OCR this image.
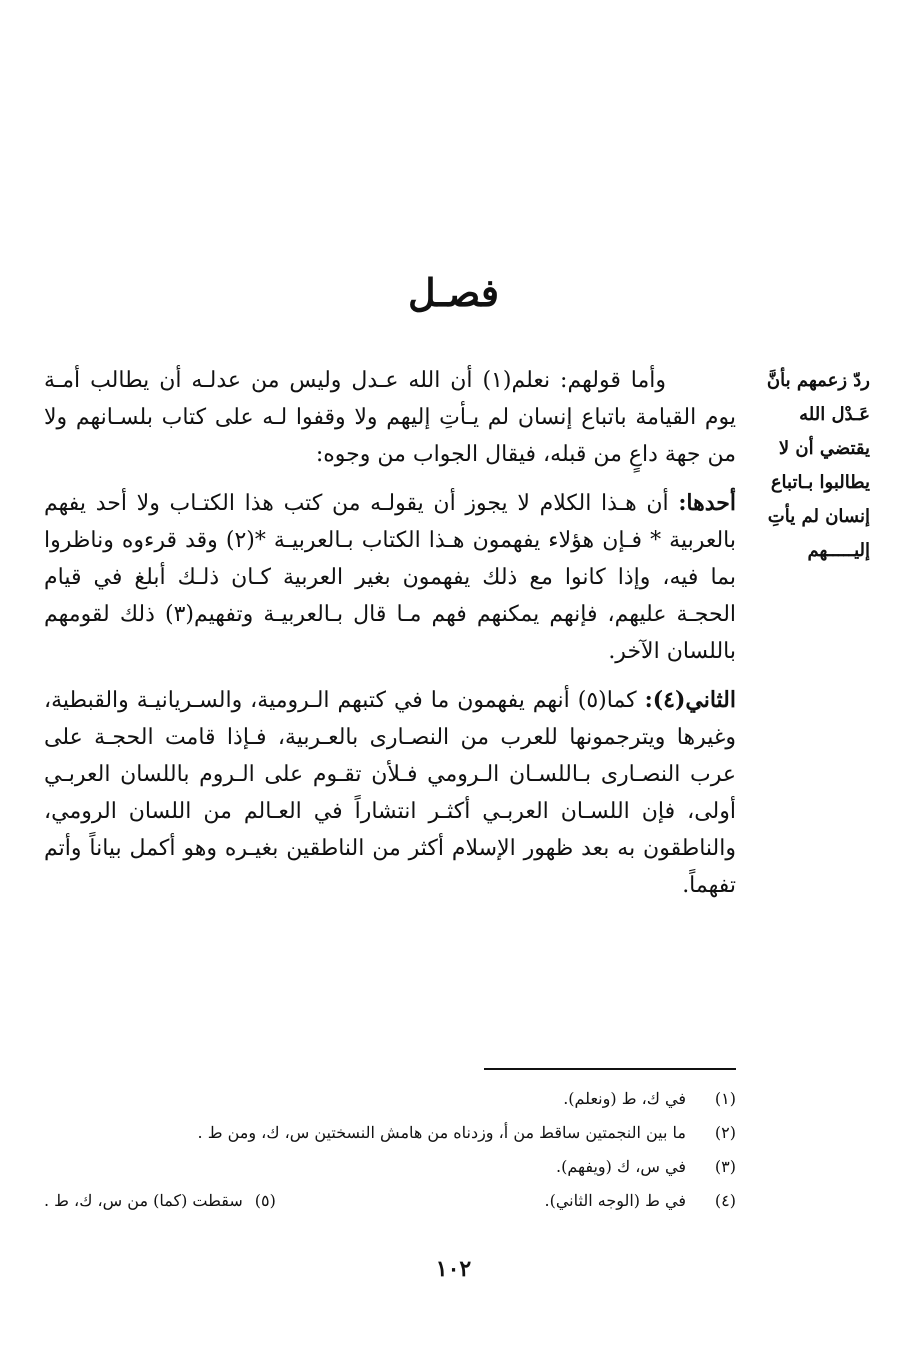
فصـل
ردّ زعمهم بأنَّ
عَـدْل الله
يقتضي أن لا
يطالبوا بـاتباع
إنسان لم يأتِ
إليـــــهم

وأما قولهم: نعلم(١) أن الله عـدل وليس من عدلـه أن يطالب أمـة يوم القيامة باتباع إنسان لم يـأتِ إليهم ولا وقفوا لـه على كتاب بلسـانهم ولا من جهة داعٍ من قبله، فيقال الجواب من وجوه:

أحدها: أن هـذا الكلام لا يجوز أن يقولـه من كتب هذا الكتـاب ولا أحد يفهم بالعربية * فـإن هؤلاء يفهمون هـذا الكتاب بـالعربيـة *(٢) وقد قرءوه وناظروا بما فيه، وإذا كانوا مع ذلك يفهمون بغير العربية كـان ذلـك أبلغ في قيام الحجـة عليهم، فإنهم يمكنهم فهم مـا قال بـالعربيـة وتفهيم(٣) ذلك لقومهم باللسان الآخر.

الثاني(٤): كما(٥) أنهم يفهمون ما في كتبهم الـرومية، والسـريانيـة والقبطية، وغيرها ويترجمونها للعرب من النصـارى بالعـربية، فـإذا قامت الحجـة على عرب النصـارى بـاللسـان الـرومي فـلأن تقـوم على الـروم باللسان العربـي أولى، فإن اللسـان العربـي أكثـر انتشاراً في العـالم من اللسان الرومي، والناطقون به بعد ظهور الإسلام أكثر من الناطقين بغيـره وهو أكمل بياناً وأتم تفهماً.

(١)
في ك، ط (ونعلم).
(٢)
ما بين النجمتين ساقط من أ، وزدناه من هامش النسختين س، ك، ومن ط .
(٣)
في س، ك (ويفهم).
(٤)
في ط (الوجه الثاني).
(٥)
سقطت (كما) من س، ك، ط .
١٠٢
